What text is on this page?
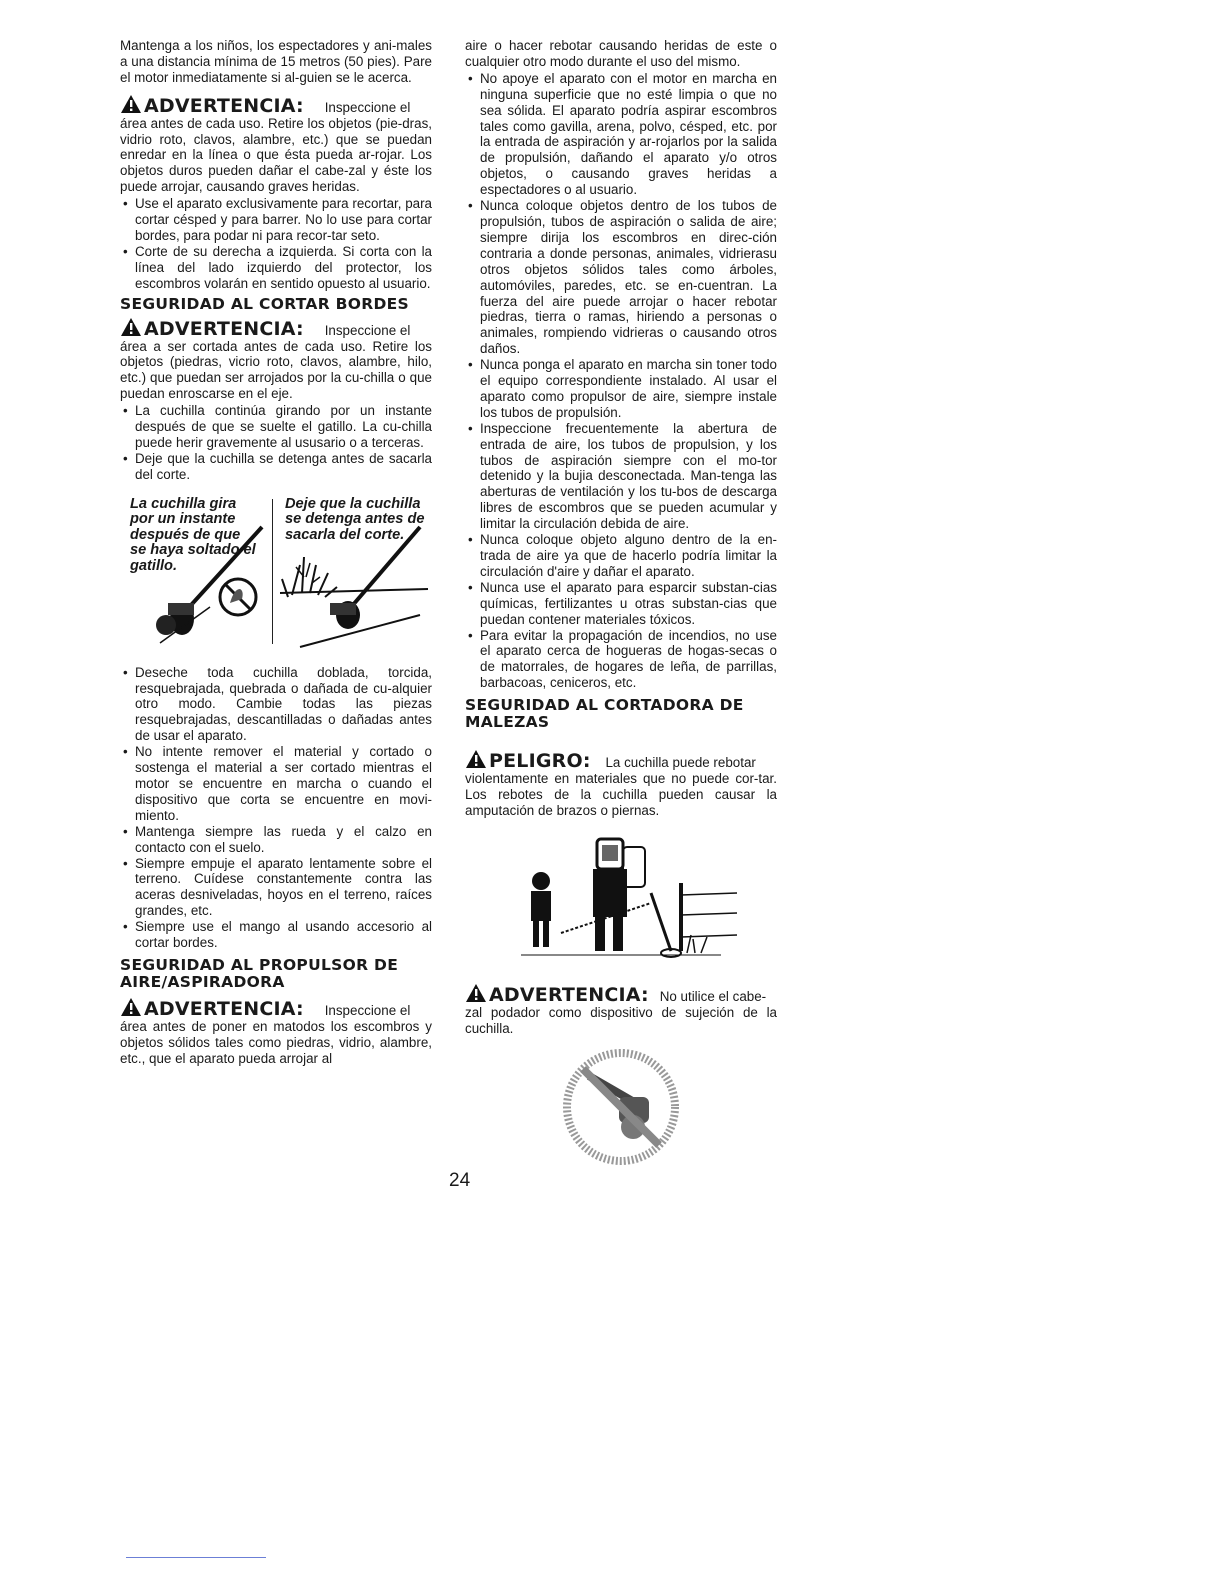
Mantenga a los niños, los espectadores y ani-males a una distancia mínima de 15 metros (50 pies). Pare el motor inmediatamente si al-guien se le acerca.

ADVERTENCIA: Inspeccione el

área antes de cada uso. Retire los objetos (pie-dras, vidrio roto, clavos, alambre, etc.) que se puedan enredar en la línea o que ésta pueda ar-rojar. Los objetos duros pueden dañar el cabe-zal y éste los puede arrojar, causando graves heridas.

• Use el aparato exclusivamente para recortar, para cortar césped y para barrer. No lo use para cortar bordes, para podar ni para recor-tar seto.
• Corte de su derecha a izquierda. Si corta con la línea del lado izquierdo del protector, los escombros volarán en sentido opuesto al usuario.
SEGURIDAD AL CORTAR BORDES
ADVERTENCIA: Inspeccione el

área a ser cortada antes de cada uso. Retire los objetos (piedras, vicrio roto, clavos, alambre, hilo, etc.) que puedan ser arrojados por la cu-chilla o que puedan enroscarse en el eje.

• La cuchilla continúa girando por un instante después de que se suelte el gatillo. La cu-chilla puede herir gravemente al ususario o a terceras.
• Deje que la cuchilla se detenga antes de sacarla del corte.
La cuchilla gira por un instante después de que se haya soltado el gatillo.
Deje que la cuchilla se detenga antes de sacarla del corte.
• Deseche toda cuchilla doblada, torcida, resquebrajada, quebrada o dañada de cu-alquier otro modo. Cambie todas las piezas resquebrajadas, descantilladas o dañadas antes de usar el aparato.
• No intente remover el material y cortado o sostenga el material a ser cortado mientras el motor se encuentre en marcha o cuando el dispositivo que corta se encuentre en movi-miento.
• Mantenga siempre las rueda y el calzo en contacto con el suelo.
• Siempre empuje el aparato lentamente sobre el terreno. Cuídese constantemente contra las aceras desniveladas, hoyos en el terreno, raíces grandes, etc.
• Siempre use el mango al usando accesorio al cortar bordes.
SEGURIDAD AL PROPULSOR DE AIRE/ASPIRADORA
ADVERTENCIA: Inspeccione el

área antes de poner en matodos los escombros y objetos sólidos tales como piedras, vidrio, alambre, etc., que el aparato pueda arrojar al

aire o hacer rebotar causando heridas de este o cualquier otro modo durante el uso del mismo.

• No apoye el aparato con el motor en marcha en ninguna superficie que no esté limpia o que no sea sólida. El aparato podría aspirar escombros tales como gavilla, arena, polvo, césped, etc. por la entrada de aspiración y ar-rojarlos por la salida de propulsión, dañando el aparato y/o otros objetos, o causando graves heridas a espectadores o al usuario.
• Nunca coloque objetos dentro de los tubos de propulsión, tubos de aspiración o salida de aire; siempre dirija los escombros en direc-ción contraria a donde personas, animales, vidrierasu otros objetos sólidos tales como árboles, automóviles, paredes, etc. se en-cuentran. La fuerza del aire puede arrojar o hacer rebotar piedras, tierra o ramas, hiriendo a personas o animales, rompiendo vidrieras o causando otros daños.
• Nunca ponga el aparato en marcha sin toner todo el equipo correspondiente instalado. Al usar el aparato como propulsor de aire, siempre instale los tubos de propulsión.
• Inspeccione frecuentemente la abertura de entrada de aire, los tubos de propulsion, y los tubos de aspiración siempre con el mo-tor detenido y la bujia desconectada. Man-tenga las aberturas de ventilación y los tu-bos de descarga libres de escombros que se pueden acumular y limitar la circulación debida de aire.
• Nunca coloque objeto alguno dentro de la en-trada de aire ya que de hacerlo podría limitar la circulación d'aire y dañar el aparato.
• Nunca use el aparato para esparcir substan-cias químicas, fertilizantes u otras substan-cias que puedan contener materiales tóxicos.
• Para evitar la propagación de incendios, no use el aparato cerca de hogueras de hogas-secas o de matorrales, de hogares de leña, de parrillas, barbacoas, ceniceros, etc.
SEGURIDAD AL CORTADORA DE MALEZAS
PELIGRO: La cuchilla puede rebotar

violentamente en materiales que no puede cor-tar. Los rebotes de la cuchilla pueden causar la amputación de brazos o piernas.

ADVERTENCIA: No utilice el cabe-

zal podador como dispositivo de sujeción de la cuchilla.

24
